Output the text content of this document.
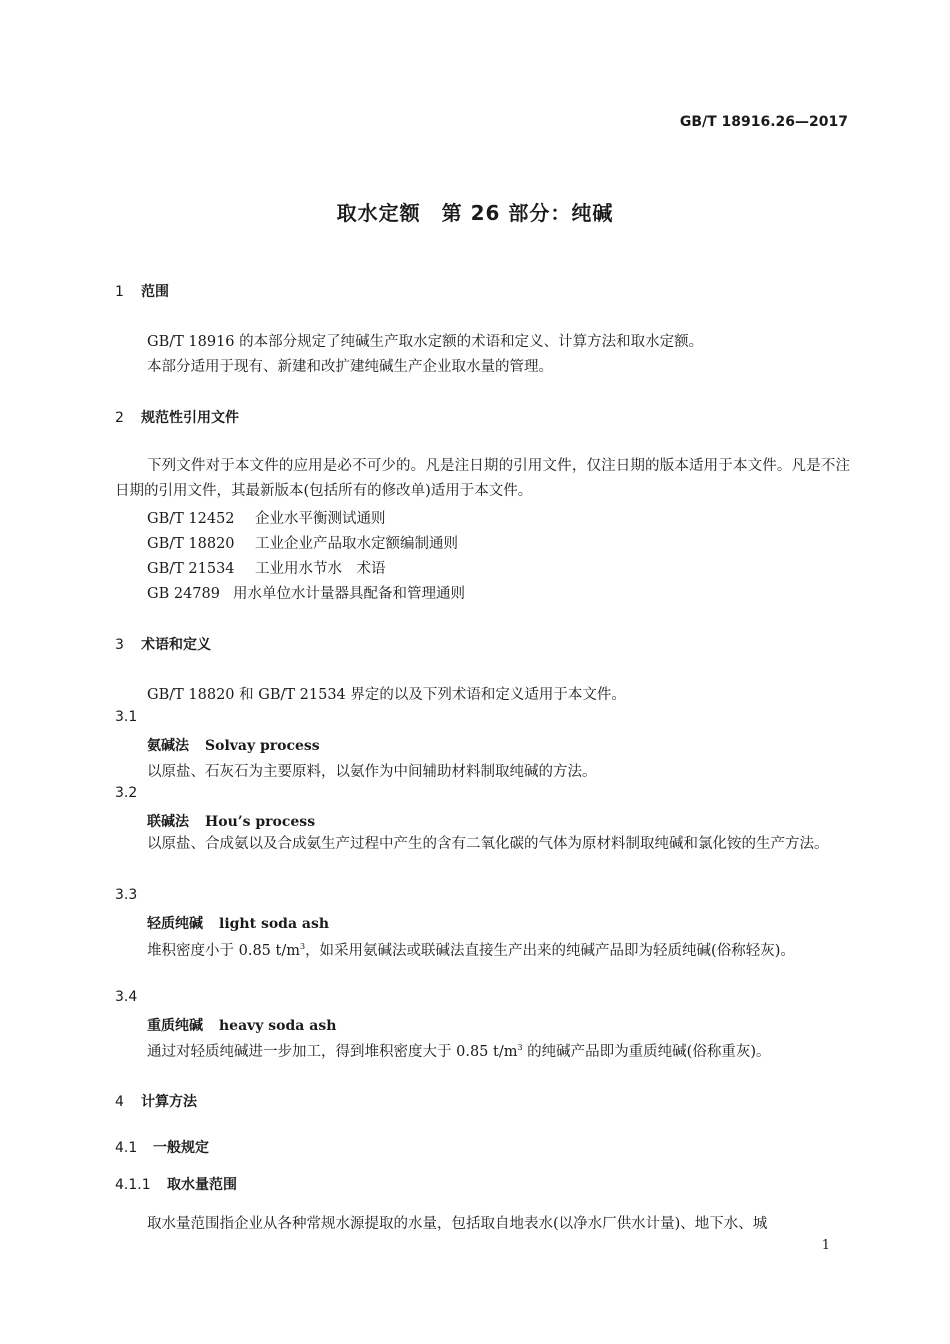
GB/T 18916.26—2017
取水定额　第 26 部分：纯碱
1 范围
GB/T 18916 的本部分规定了纯碱生产取水定额的术语和定义、计算方法和取水定额。
本部分适用于现有、新建和改扩建纯碱生产企业取水量的管理。
2 规范性引用文件
下列文件对于本文件的应用是必不可少的。凡是注日期的引用文件，仅注日期的版本适用于本文件。凡是不注日期的引用文件，其最新版本(包括所有的修改单)适用于本文件。
GB/T 12452 企业水平衡测试通则
GB/T 18820 工业企业产品取水定额编制通则
GB/T 21534 工业用水节水　术语
GB 24789 用水单位水计量器具配备和管理通则
3 术语和定义
GB/T 18820 和 GB/T 21534 界定的以及下列术语和定义适用于本文件。
3.1
氨碱法 Solvay process
以原盐、石灰石为主要原料，以氨作为中间辅助材料制取纯碱的方法。
3.2
联碱法 Hou’s process
以原盐、合成氨以及合成氨生产过程中产生的含有二氧化碳的气体为原材料制取纯碱和氯化铵的生产方法。
3.3
轻质纯碱 light soda ash
堆积密度小于 0.85 $t/m^3$，如采用氨碱法或联碱法直接生产出来的纯碱产品即为轻质纯碱(俗称轻灰)。
3.4
重质纯碱 heavy soda ash
通过对轻质纯碱进一步加工，得到堆积密度大于 0.85 $t/m^3$ 的纯碱产品即为重质纯碱(俗称重灰)。
4 计算方法
4.1 一般规定
4.1.1 取水量范围
取水量范围指企业从各种常规水源提取的水量，包括取自地表水(以净水厂供水计量)、地下水、城
1
